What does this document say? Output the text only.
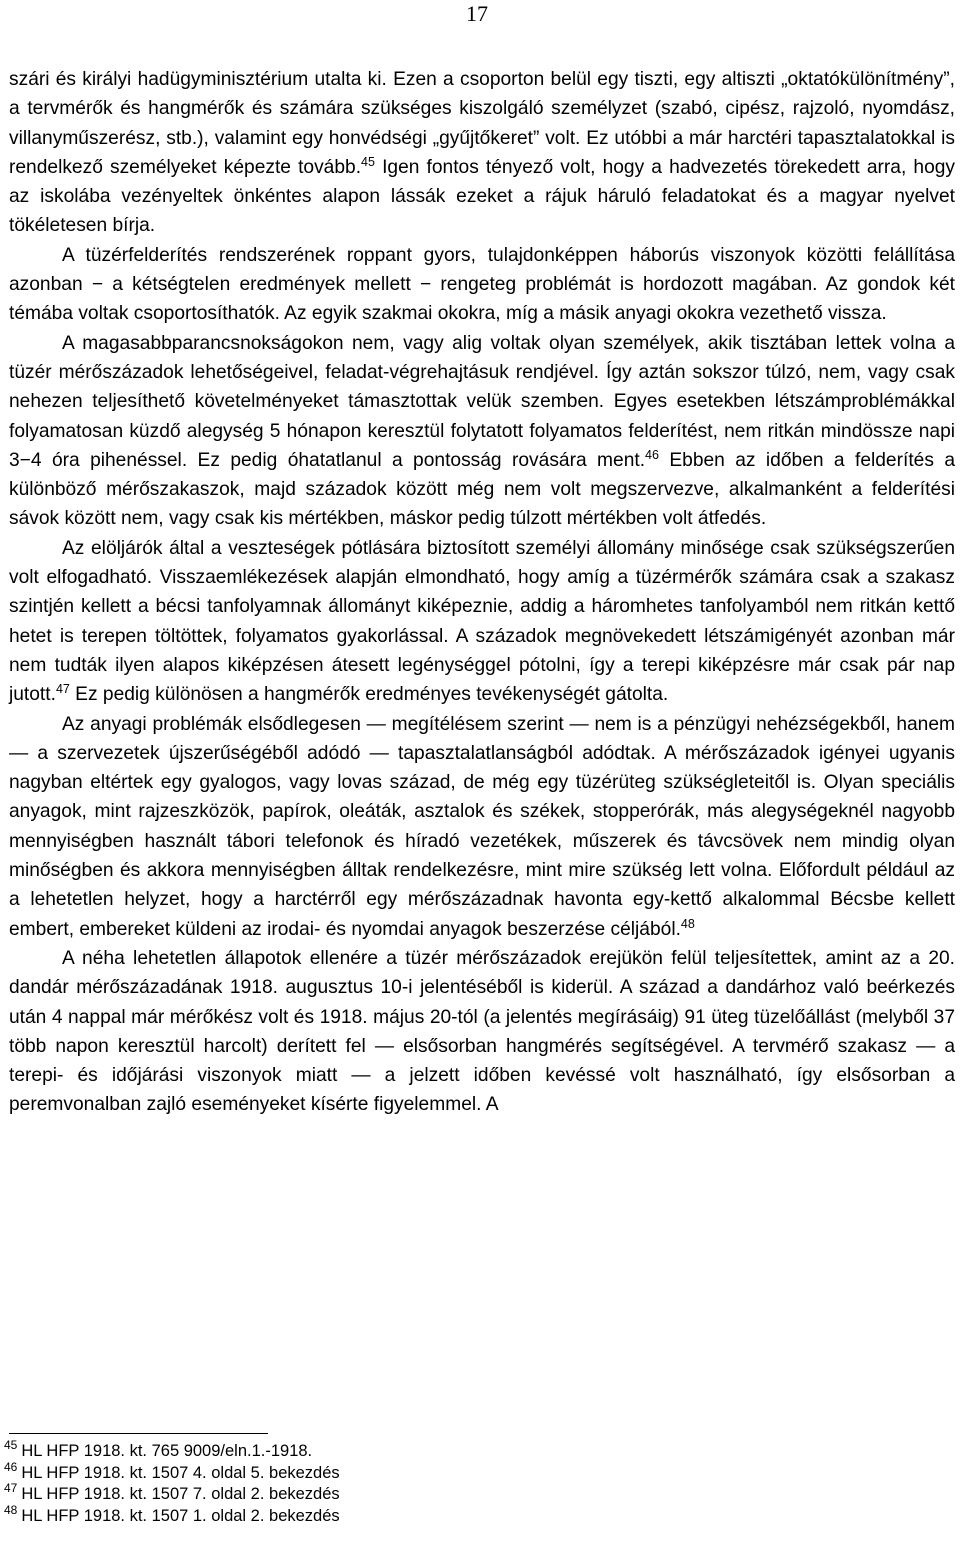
17

szári és királyi hadügyminisztérium utalta ki. Ezen a csoporton belül egy tiszti, egy altiszti „oktatókülönítmény”, a tervmérők és hangmérők és számára szükséges kiszolgáló személyzet (szabó, cipész, rajzoló, nyomdász, villanyműszerész, stb.), valamint egy honvédségi „gyűjtőkeret” volt. Ez utóbbi a már harctéri tapasztalatokkal is rendelkező személyeket képezte tovább.$^{45}$ Igen fontos tényező volt, hogy a hadvezetés törekedett arra, hogy az iskolába vezényeltek önkéntes alapon lássák ezeket a rájuk háruló feladatokat és a magyar nyelvet tökéletesen bírja.

A tüzérfelderítés rendszerének roppant gyors, tulajdonképpen háborús viszonyok közötti felállítása azonban − a kétségtelen eredmények mellett − rengeteg problémát is hordozott magában. Az gondok két témába voltak csoportosíthatók. Az egyik szakmai okokra, míg a másik anyagi okokra vezethető vissza.

A magasabbparancsnokságokon nem, vagy alig voltak olyan személyek, akik tisztában lettek volna a tüzér mérőszázadok lehetőségeivel, feladat-végrehajtásuk rendjével. Így aztán sokszor túlzó, nem, vagy csak nehezen teljesíthető követelményeket támasztottak velük szemben. Egyes esetekben létszámproblémákkal folyamatosan küzdő alegység 5 hónapon keresztül folytatott folyamatos felderítést, nem ritkán mindössze napi 3−4 óra pihenéssel. Ez pedig óhatatlanul a pontosság rovására ment.$^{46}$ Ebben az időben a felderítés a különböző mérőszakaszok, majd századok között még nem volt megszervezve, alkalmanként a felderítési sávok között nem, vagy csak kis mértékben, máskor pedig túlzott mértékben volt átfedés.

Az elöljárók által a veszteségek pótlására biztosított személyi állomány minősége csak szükségszerűen volt elfogadható. Visszaemlékezések alapján elmondható, hogy amíg a tüzérmérők számára csak a szakasz szintjén kellett a bécsi tanfolyamnak állományt kiképeznie, addig a háromhetes tanfolyamból nem ritkán kettő hetet is terepen töltöttek, folyamatos gyakorlással. A századok megnövekedett létszámigényét azonban már nem tudták ilyen alapos kiképzésen átesett legénységgel pótolni, így a terepi kiképzésre már csak pár nap jutott.$^{47}$ Ez pedig különösen a hangmérők eredményes tevékenységét gátolta.

Az anyagi problémák elsődlegesen — megítélésem szerint — nem is a pénzügyi nehézségekből, hanem — a szervezetek újszerűségéből adódó — tapasztalatlanságból adódtak. A mérőszázadok igényei ugyanis nagyban eltértek egy gyalogos, vagy lovas század, de még egy tüzérüteg szükségleteitől is. Olyan speciális anyagok, mint rajzeszközök, papírok, oleáták, asztalok és székek, stopperórák, más alegységeknél nagyobb mennyiségben használt tábori telefonok és híradó vezetékek, műszerek és távcsövek nem mindig olyan minőségben és akkora mennyiségben álltak rendelkezésre, mint mire szükség lett volna. Előfordult például az a lehetetlen helyzet, hogy a harctérről egy mérőszázadnak havonta egy-kettő alkalommal Bécsbe kellett embert, embereket küldeni az irodai- és nyomdai anyagok beszerzése céljából.$^{48}$

A néha lehetetlen állapotok ellenére a tüzér mérőszázadok erejükön felül teljesítettek, amint az a 20. dandár mérőszázadának 1918. augusztus 10-i jelentéséből is kiderül. A század a dandárhoz való beérkezés után 4 nappal már mérőkész volt és 1918. május 20-tól (a jelentés megírásáig) 91 üteg tüzelőállást (melyből 37 több napon keresztül harcolt) derített fel — elsősorban hangmérés segítségével. A tervmérő szakasz — a terepi- és időjárási viszonyok miatt — a jelzett időben kevéssé volt használható, így elsősorban a peremvonalban zajló eseményeket kísérte figyelemmel. A

$^{45}$ HL HFP 1918. kt. 765 9009/eln.1.-1918.
$^{46}$ HL HFP 1918. kt. 1507 4. oldal 5. bekezdés
$^{47}$ HL HFP 1918. kt. 1507 7. oldal 2. bekezdés
$^{48}$ HL HFP 1918. kt. 1507 1. oldal 2. bekezdés
